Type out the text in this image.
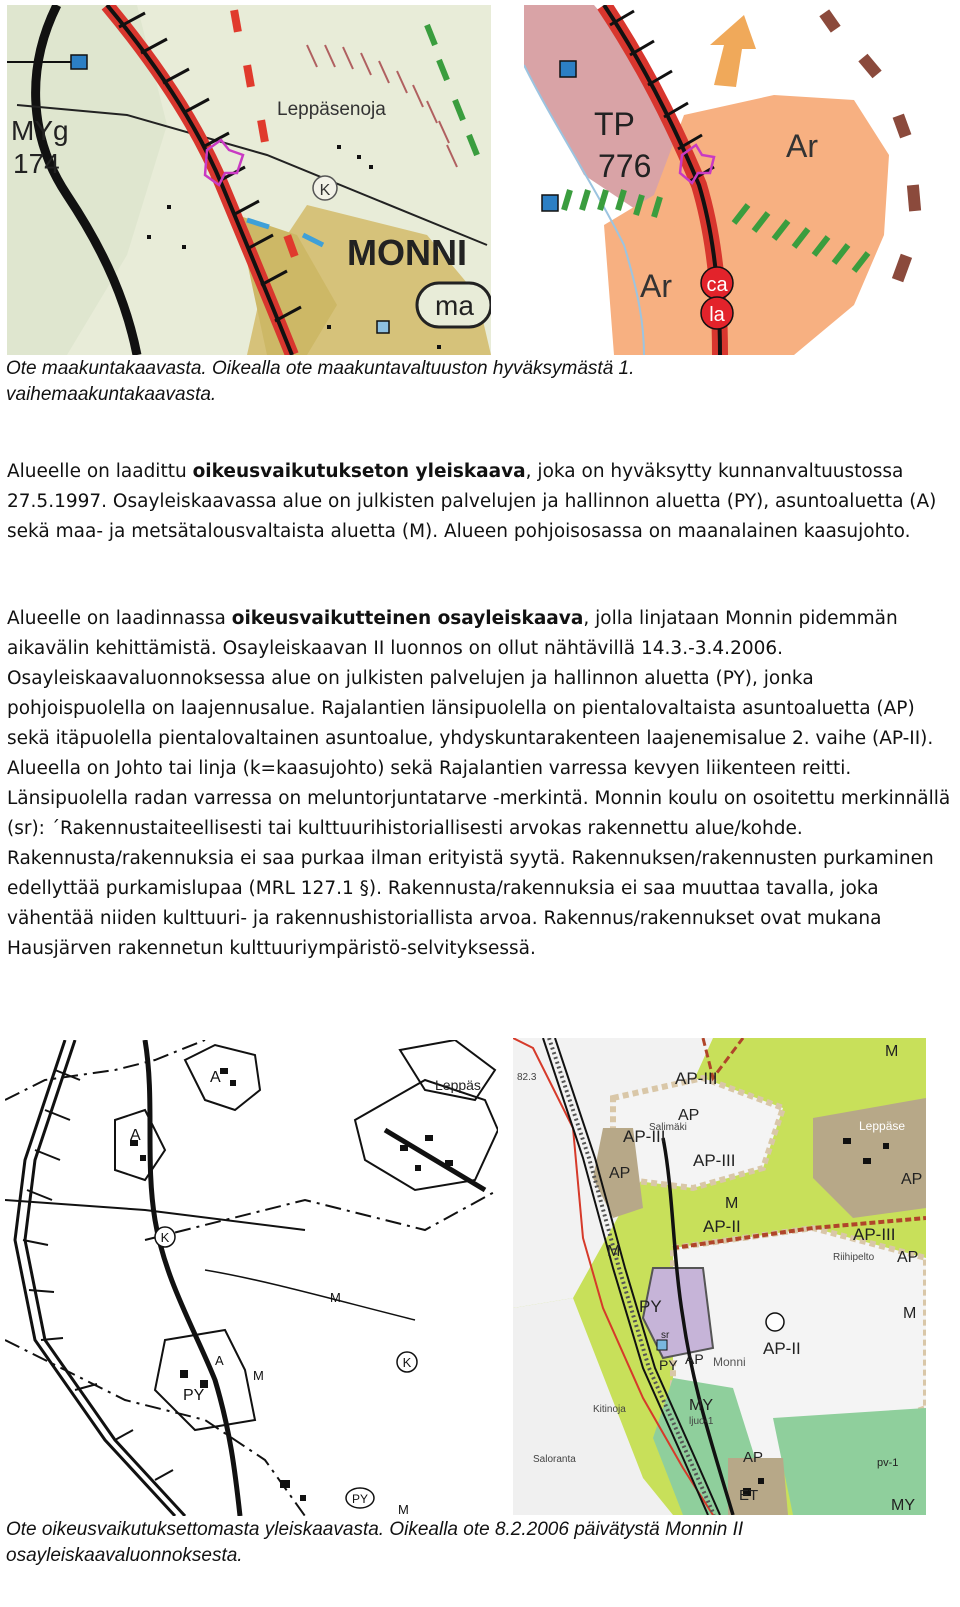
K
MYg
174
Leppäsenoja
MONNI
ma
ca
la
TP
776
Ar
Ar

Ote maakuntakaavasta. Oikealla ote maakuntavaltuuston hyväksymästä 1.
vaihemaakuntakaavasta.

Alueelle on laadittu oikeusvaikutukseton yleiskaava, joka on hyväksytty kunnanvaltuustossa 27.5.1997. Osayleiskaavassa alue on julkisten palvelujen ja hallinnon aluetta (PY), asuntoaluetta (A) sekä maa- ja metsätalousvaltaista aluetta (M). Alueen pohjoisosassa on maanalainen kaasujohto.

Alueelle on laadinnassa oikeusvaikutteinen osayleiskaava, jolla linjataan Monnin pidemmän aikavälin kehittämistä. Osayleiskaavan II luonnos on ollut nähtävillä 14.3.-3.4.2006. Osayleiskaavaluonnoksessa alue on julkisten palvelujen ja hallinnon aluetta (PY), jonka pohjoispuolella on laajennusalue. Rajalantien länsipuolella on pientalovaltaista asuntoaluetta (AP) sekä itäpuolella pientalovaltainen asuntoalue, yhdyskuntarakenteen laajenemisalue 2. vaihe (AP-II). Alueella on Johto tai linja (k=kaasujohto) sekä Rajalantien varressa kevyen liikenteen reitti. Länsipuolella radan varressa on meluntorjuntatarve -merkintä. Monnin koulu on osoitettu merkinnällä (sr): ´Rakennustaiteellisesti tai kulttuurihistoriallisesti arvokas rakennettu alue/kohde. Rakennusta/rakennuksia ei saa purkaa ilman erityistä syytä. Rakennuksen/rakennusten purkaminen edellyttää purkamislupaa (MRL 127.1 §). Rakennusta/rakennuksia ei saa muuttaa tavalla, joka vähentää niiden kulttuuri- ja rakennushistoriallista arvoa. Rakennus/rakennukset ovat mukana Hausjärven rakennetun kulttuuriympäristö-selvityksessä.

K
K
PY
Leppäs
A
A
M
M
PY
A
M
M
AP-III
AP
AP-III
AP-III
AP	AP
M
AP-II	AP-III
AP
M
PY
sr
AP
PY
AP-II
M
MY
AP	pv-1
ET
MY
82.3
Leppäse
Salimäki
Riihipelto
Monni
Kitinoja
Saloranta
ljuo-1

Ote oikeusvaikutuksettomasta yleiskaavasta. Oikealla ote 8.2.2006 päivätystä Monnin II
osayleiskaavaluonnoksesta.
